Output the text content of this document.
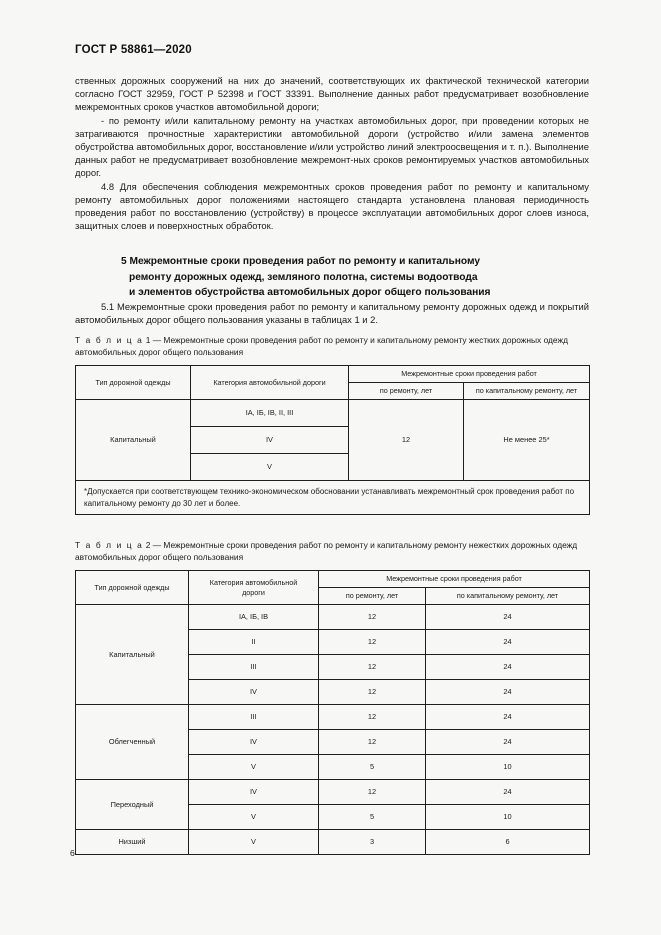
ГОСТ Р 58861—2020

ственных дорожных сооружений на них до значений, соответствующих их фактической технической категории согласно ГОСТ 32959, ГОСТ Р 52398 и ГОСТ 33391. Выполнение данных работ предусматривает возобновление межремонтных сроков участков автомобильной дороги;

- по ремонту и/или капитальному ремонту на участках автомобильных дорог, при проведении которых не затрагиваются прочностные характеристики автомобильной дороги (устройство и/или замена элементов обустройства автомобильных дорог, восстановление и/или устройство линий электроосвещения и т. п.). Выполнение данных работ не предусматривает возобновление межремонт-ных сроков ремонтируемых участков автомобильных дорог.

4.8 Для обеспечения соблюдения межремонтных сроков проведения работ по ремонту и капитальному ремонту автомобильных дорог положениями настоящего стандарта установлена плановая периодичность проведения работ по восстановлению (устройству) в процессе эксплуатации автомобильных дорог слоев износа, защитных слоев и поверхностных обработок.

5 Межремонтные сроки проведения работ по ремонту и капитальному
ремонту дорожных одежд, земляного полотна, системы водоотвода
и элементов обустройства автомобильных дорог общего пользования

5.1 Межремонтные сроки проведения работ по ремонту и капитальному ремонту дорожных одежд и покрытий автомобильных дорог общего пользования указаны в таблицах 1 и 2.

Т а б л и ц а 1 — Межремонтные сроки проведения работ по ремонту и капитальному ремонту жестких дорожных одежд автомобильных дорог общего пользования

Тип дорожной одежды	Категория автомобильной дороги	Межремонтные сроки проведения работ	
		по ремонту, лет	по капитальному ремонту, лет
Капитальный	IA, IБ, IВ, II, III	12	Не менее 25*
	IV		
	V		
*Допускается при соответствующем технико-экономическом обосновании устанавливать межремонтный срок проведения работ по капитальному ремонту до 30 лет и более.			

Т а б л и ц а 2 — Межремонтные сроки проведения работ по ремонту и капитальному ремонту нежестких дорожных одежд автомобильных дорог общего пользования

Тип дорожной одежды	Категория автомобильной
дороги	Межремонтные сроки проведения работ	
		по ремонту, лет	по капитальному ремонту, лет
Капитальный	IA, IБ, IВ	12	24
	II	12	24
	III	12	24
	IV	12	24
Облегченный	III	12	24
	IV	12	24
	V	5	10
Переходный	IV	12	24
	V	5	10
Низший	V	3	6
6
